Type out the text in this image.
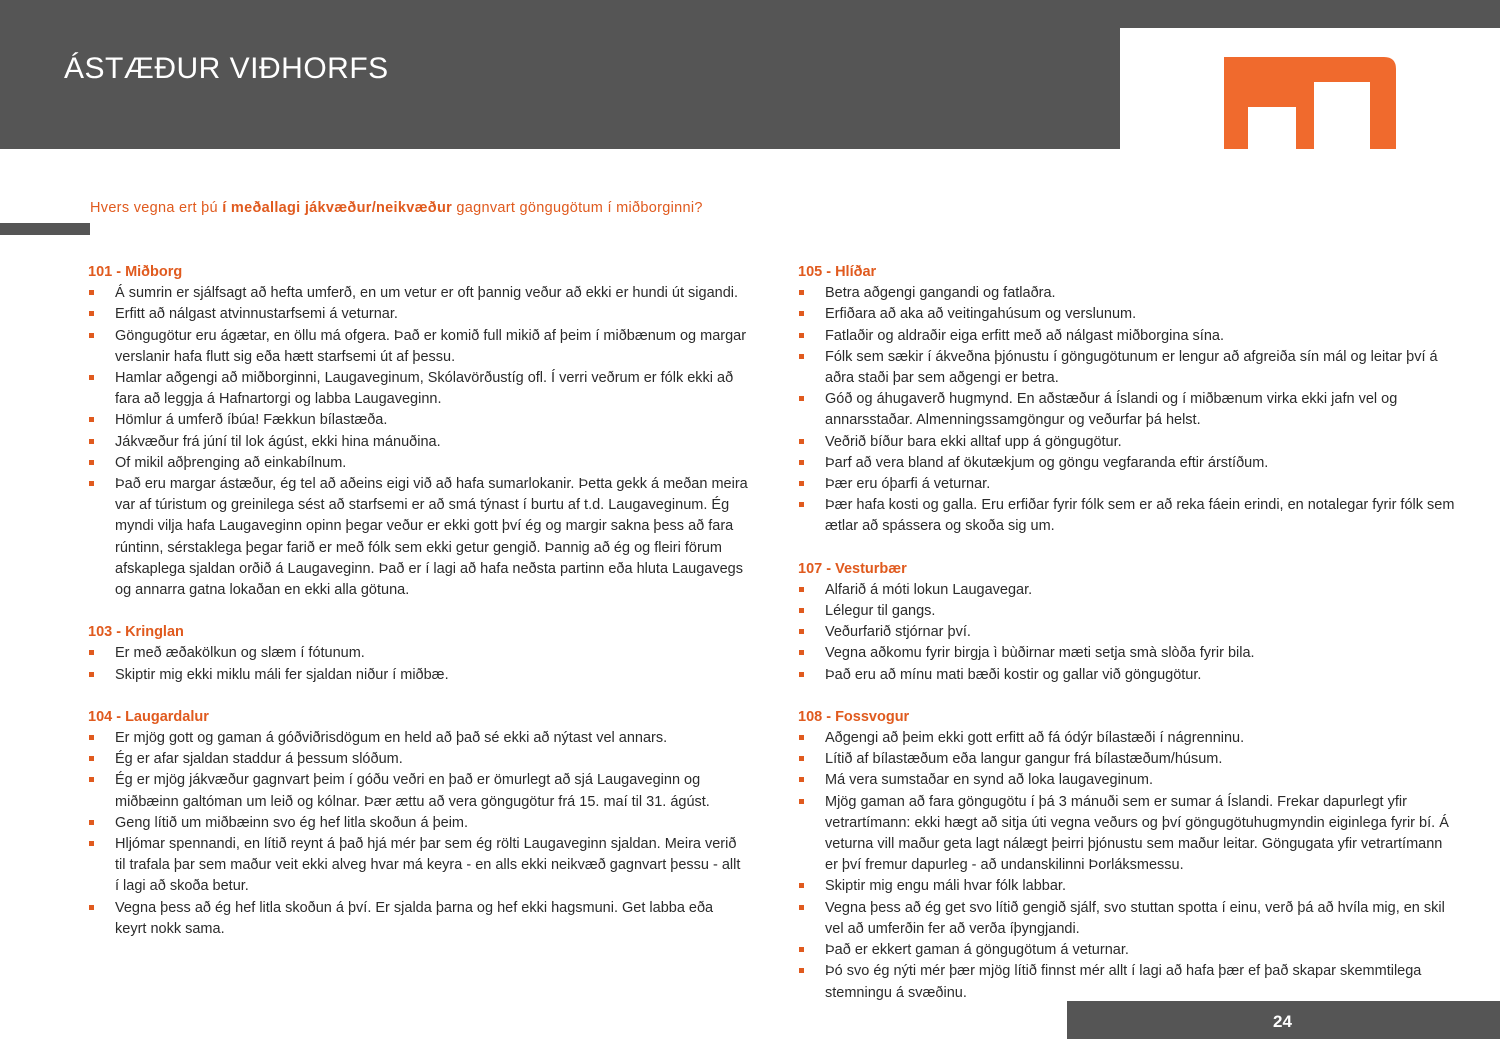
ÁSTÆÐUR VIÐHORFS

Hvers vegna ert þú í meðallagi jákvæður/neikvæður gagnvart göngugötum í miðborginni?

101 - Miðborg
Á sumrin er sjálfsagt að hefta umferð, en um vetur er oft þannig veður að ekki er hundi út sigandi.
Erfitt að nálgast atvinnustarfsemi á veturnar.
Göngugötur eru ágætar, en öllu má ofgera. Það er komið full mikið af þeim í miðbænum og margar verslanir hafa flutt sig eða hætt starfsemi út af þessu.
Hamlar aðgengi að miðborginni, Laugaveginum, Skólavörðustíg ofl. Í verri veðrum er fólk ekki að fara að leggja á Hafnartorgi og labba Laugaveginn.
Hömlur á umferð íbúa! Fækkun bílastæða.
Jákvæður frá júní til lok ágúst, ekki hina mánuðina.
Of mikil aðþrenging að einkabílnum.
Það eru margar ástæður, ég tel að aðeins eigi við að hafa sumarlokanir. Þetta gekk á meðan meira var af túristum og greinilega sést að starfsemi er að smá týnast í burtu af t.d. Laugaveginum. Ég myndi vilja hafa Laugaveginn opinn þegar veður er ekki gott því ég og margir sakna þess að fara rúntinn, sérstaklega þegar farið er með fólk sem ekki getur gengið. Þannig að ég og fleiri förum afskaplega sjaldan orðið á Laugaveginn. Það er í lagi að hafa neðsta partinn eða hluta Laugavegs og annarra gatna lokaðan en ekki alla götuna.
103 - Kringlan
Er með æðakölkun og slæm í fótunum.
Skiptir mig ekki miklu máli fer sjaldan niður í miðbæ.
104 - Laugardalur
Er mjög gott og gaman á góðviðrisdögum en held að það sé ekki að nýtast vel annars.
Ég er afar sjaldan staddur á þessum slóðum.
Ég er mjög jákvæður gagnvart þeim í góðu veðri en það er ömurlegt að sjá Laugaveginn og miðbæinn galtóman um leið og kólnar. Þær ættu að vera göngugötur frá 15. maí til 31. ágúst.
Geng lítið um miðbæinn svo ég hef litla skoðun á þeim.
Hljómar spennandi, en lítið reynt á það hjá mér þar sem ég rölti Laugaveginn sjaldan. Meira verið til trafala þar sem maður veit ekki alveg hvar má keyra - en alls ekki neikvæð gagnvart þessu - allt í lagi að skoða betur.
Vegna þess að ég hef litla skoðun á því. Er sjalda þarna og hef ekki hagsmuni. Get labba eða keyrt nokk sama.
105 - Hlíðar
Betra aðgengi gangandi og fatlaðra.
Erfiðara að aka að veitingahúsum og verslunum.
Fatlaðir og aldraðir eiga erfitt með að nálgast miðborgina sína.
Fólk sem sækir í ákveðna þjónustu í göngugötunum er lengur að afgreiða sín mál og leitar því á aðra staði þar sem aðgengi er betra.
Góð og áhugaverð hugmynd. En aðstæður á Íslandi og í miðbænum virka ekki jafn vel og annarsstaðar. Almenningssamgöngur og veðurfar þá helst.
Veðrið bíður bara ekki alltaf upp á göngugötur.
Þarf að vera bland af ökutækjum og göngu vegfaranda eftir árstíðum.
Þær eru óþarfi á veturnar.
Þær hafa kosti og galla. Eru erfiðar fyrir fólk sem er að reka fáein erindi, en notalegar fyrir fólk sem ætlar að spássera og skoða sig um.
107 - Vesturbær
Alfarið á móti lokun Laugavegar.
Lélegur til gangs.
Veðurfarið stjórnar því.
Vegna aðkomu fyrir birgja ì bùðirnar mæti setja smà slòða fyrir bila.
Það eru að mínu mati bæði kostir og gallar við göngugötur.
108 - Fossvogur
Aðgengi að þeim ekki gott erfitt að fá ódýr bílastæði í nágrenninu.
Lítið af bílastæðum eða langur gangur frá bílastæðum/húsum.
Má vera sumstaðar en synd að loka laugaveginum.
Mjög gaman að fara göngugötu í þá 3 mánuði sem er sumar á Íslandi. Frekar dapurlegt yfir vetrartímann: ekki hægt að sitja úti vegna veðurs og því göngugötuhugmyndin eiginlega fyrir bí. Á veturna vill maður geta lagt nálægt þeirri þjónustu sem maður leitar. Göngugata yfir vetrartímann er því fremur dapurleg - að undanskilinni Þorláksmessu.
Skiptir mig engu máli hvar fólk labbar.
Vegna þess að ég get svo lítið gengið sjálf, svo stuttan spotta í einu, verð þá að hvíla mig, en skil vel að umferðin fer að verða íþyngjandi.
Það er ekkert gaman á göngugötum á veturnar.
Þó svo ég nýti mér þær mjög lítið finnst mér allt í lagi að hafa þær ef það skapar skemmtilega stemningu á svæðinu.
24
